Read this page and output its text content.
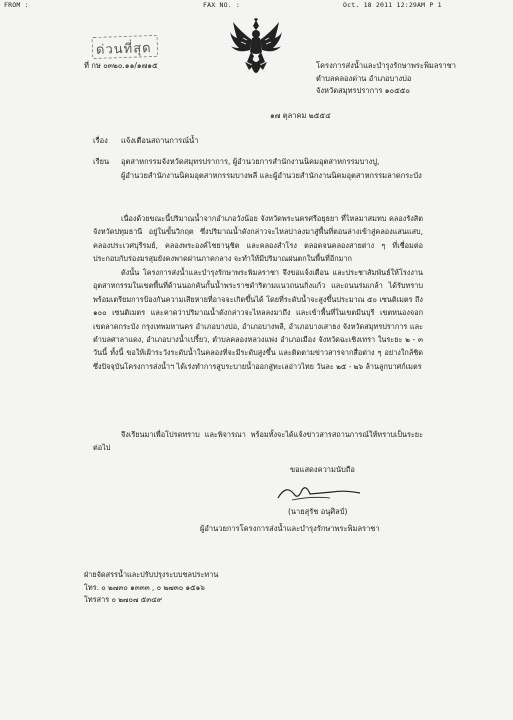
FROM :	FAX NO. :	Oct. 18 2011 12:29AM P 1
ด่วนที่สุด
ที่ กษ ๐๓๒๐.๑๑/๑๗๑๕	โครงการส่งน้ำและบำรุงรักษาพระพิมลราชา
ตำบลคลองด่าน อำเภอบางบ่อ
จังหวัดสมุทรปราการ ๑๐๕๕๐
๑๗ ตุลาคม ๒๕๕๔
เรื่อง แจ้งเตือนสถานการณ์น้ำ
เรียน อุตสาหกรรมจังหวัดสมุทรปราการ, ผู้อำนวยการสำนักงานนิคมอุตสาหกรรมบางปู,
ผู้อำนวยสำนักงานนิคมอุตสาหกรรมบางพลี และผู้อำนวยสำนักงานนิคมอุตสาหกรรมลาดกระบัง
เนื่องด้วยขณะนี้ปริมาณน้ำจากอำเภอวังน้อย จังหวัดพระนครศรีอยุธยา ที่ไหลมาสมทบ คลองรังสิต จังหวัดปทุมธานี อยู่ในขั้นวิกฤต ซึ่งปริมาณน้ำดังกล่าวจะไหลบ่าลงมาสู่พื้นที่ตอนล่างเข้าสู่คลองแสนแสบ, คลองประเวศบุรีรมย์, คลองพระองค์ไชยานุชิต และคลองสำโรง ตลอดจนคลองสายต่าง ๆ ที่เชื่อมต่อ ประกอบกับร่องมรสุมยังคงพาดผ่านภาคกลาง จะทำให้มีปริมาณฝนตกในพื้นที่อีกมาก
ดังนั้น โครงการส่งน้ำและบำรุงรักษาพระพิมลราชา จึงขอแจ้งเตือน และประชาสัมพันธ์ให้โรงงานอุตสาหกรรมในเขตพื้นที่ด้านนอกคันกั้นน้ำพระราชดำริตามแนวถนนกิ่งแก้ว และถนนร่มเกล้า ได้รับทราบ พร้อมเตรียมการป้องกันความเสียหายที่อาจจะเกิดขึ้นได้ โดยที่ระดับน้ำจะสูงขึ้นประมาณ ๕๐ เซนติเมตร ถึง ๑๐๐ เซนติเมตร และคาดว่าปริมาณน้ำดังกล่าวจะไหลลงมาถึง และเข้าพื้นที่ในเขตมีนบุรี เขตหนองจอก เขตลาดกระบัง กรุงเทพมหานคร อำเภอบางบ่อ, อำเภอบางพลี, อำเภอบางเสาธง จังหวัดสมุทรปราการ และตำบลศาลาแดง, อำเภอบางน้ำเปรี้ยว, ตำบลคลองหลวงแพ่ง อำเภอเมือง จังหวัดฉะเชิงเทรา ในระยะ ๒ - ๓ วันนี้ ทั้งนี้ ขอให้เฝ้าระวังระดับน้ำในคลองที่จะมีระดับสูงขึ้น และติดตามข่าวสารจากสื่อต่าง ๆ อย่างใกล้ชิด ซึ่งปัจจุบันโครงการส่งน้ำฯ ได้เร่งทำการสูบระบายน้ำออกสู่ทะเลอ่าวไทย วันละ ๒๕ - ๒๖ ล้านลูกบาศก์เมตร
จึงเรียนมาเพื่อโปรดทราบ และพิจารณา พร้อมทั้งจะได้แจ้งข่าวสารสถานการณ์ให้ทราบเป็นระยะต่อไป
ขอแสดงความนับถือ
(นายสุรัช อนุศิลป์)
ผู้อำนวยการโครงการส่งน้ำและบำรุงรักษาพระพิมลราชา
ฝ่ายจัดสรรน้ำและปรับปรุงระบบชลประทาน
โทร. ๐ ๒๗๓๐ ๑๓๓๓ , ๐ ๒๗๓๐ ๑๕๑๖
โทรสาร ๐ ๒๗๐๗ ๕๓๔๙
